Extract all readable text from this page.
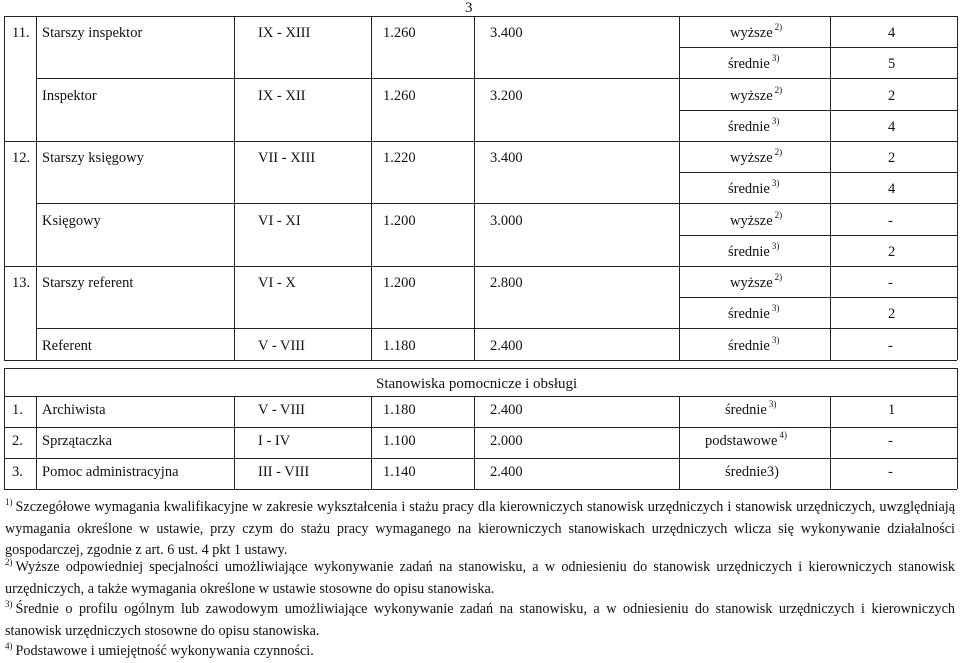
3
11. Starszy inspektor	IX - XIII	1.260	3.400	wyższe $^{2)}$	4
średnie $^{3)}$	5
Inspektor	IX - XII	1.260	3.200	wyższe $^{2)}$	2
średnie $^{3)}$	4
12. Starszy księgowy	VII - XIII	1.220	3.400	wyższe $^{2)}$	2
średnie $^{3)}$	4
Księgowy	VI - XI	1.200	3.000	wyższe $^{2)}$	-
średnie $^{3)}$	2
13. Starszy referent	VI - X	1.200	2.800	wyższe $^{2)}$	-
średnie $^{3)}$	2
Referent	V - VIII	1.180	2.400	średnie $^{3)}$	-
Stanowiska pomocnicze i obsługi
1. Archiwista	V - VIII	1.180	2.400	średnie $^{3)}$	1
2. Sprzątaczka	I - IV	1.100	2.000	podstawowe $^{4)}$	-
3. Pomoc administracyjna	III - VIII	1.140	2.400	średnie3)	-
$^{1)}$ Szczegółowe wymagania kwalifikacyjne w zakresie wykształcenia i stażu pracy dla kierowniczych stanowisk urzędniczych i stanowisk urzędniczych, uwzględniają wymagania określone w ustawie, przy czym do stażu pracy wymaganego na kierowniczych stanowiskach urzędniczych wlicza się wykonywanie działalności gospodarczej, zgodnie z art. 6 ust. 4 pkt 1 ustawy.
$^{2)}$ Wyższe odpowiedniej specjalności umożliwiające wykonywanie zadań na stanowisku, a w odniesieniu do stanowisk urzędniczych i kierowniczych stanowisk urzędniczych, a także wymagania określone w ustawie stosowne do opisu stanowiska.
$^{3)}$ Średnie o profilu ogólnym lub zawodowym umożliwiające wykonywanie zadań na stanowisku, a w odniesieniu do stanowisk urzędniczych i kierowniczych stanowisk urzędniczych stosowne do opisu stanowiska.
$^{4)}$ Podstawowe i umiejętność wykonywania czynności.
